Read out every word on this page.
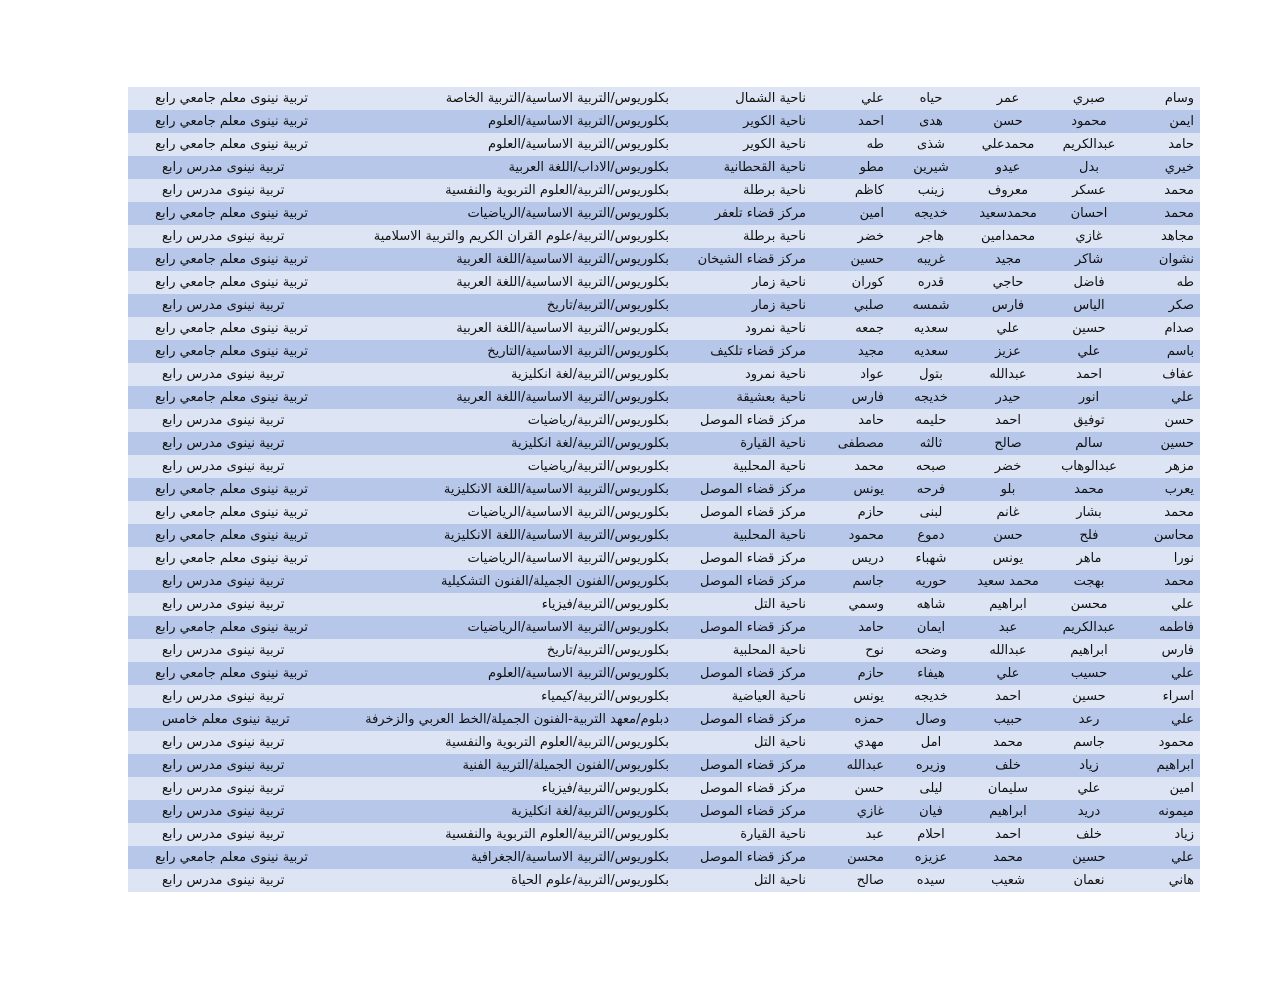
وسام	صبري	عمر	حياه	علي	ناحية الشمال	بكلوريوس/التربية الاساسية/التربية الخاصة	تربية نينوى معلم جامعي رابع
ايمن	محمود	حسن	هدى	احمد	ناحية الكوير	بكلوريوس/التربية الاساسية/العلوم	تربية نينوى معلم جامعي رابع
حامد	عبدالكريم	محمدعلي	شذى	طه	ناحية الكوير	بكلوريوس/التربية الاساسية/العلوم	تربية نينوى معلم جامعي رابع
خيري	بدل	عيدو	شيرين	مطو	ناحية القحطانية	بكلوريوس/الاداب/اللغة العربية	تربية نينوى مدرس رابع
محمد	عسكر	معروف	زينب	كاظم	ناحية برطلة	بكلوريوس/التربية/العلوم التربوية والنفسية	تربية نينوى مدرس رابع
محمد	احسان	محمدسعيد	خديجه	امين	مركز قضاء تلعفر	بكلوريوس/التربية الاساسية/الرياضيات	تربية نينوى معلم جامعي رابع
مجاهد	غازي	محمدامين	هاجر	خضر	ناحية برطلة	بكلوريوس/التربية/علوم القران الكريم والتربية الاسلامية	تربية نينوى مدرس رابع
نشوان	شاكر	مجيد	غريبه	حسين	مركز قضاء الشيخان	بكلوريوس/التربية الاساسية/اللغة العربية	تربية نينوى معلم جامعي رابع
طه	فاضل	حاجي	قدره	كوران	ناحية زمار	بكلوريوس/التربية الاساسية/اللغة العربية	تربية نينوى معلم جامعي رابع
صكر	الياس	فارس	شمسه	صلبي	ناحية زمار	بكلوريوس/التربية/تاريخ	تربية نينوى مدرس رابع
صدام	حسين	علي	سعديه	جمعه	ناحية نمرود	بكلوريوس/التربية الاساسية/اللغة العربية	تربية نينوى معلم جامعي رابع
باسم	علي	عزيز	سعديه	مجيد	مركز قضاء تلكيف	بكلوريوس/التربية الاساسية/التاريخ	تربية نينوى معلم جامعي رابع
عفاف	احمد	عبدالله	بتول	عواد	ناحية نمرود	بكلوريوس/التربية/لغة انكليزية	تربية نينوى مدرس رابع
علي	انور	حيدر	خديجه	فارس	ناحية بعشيقة	بكلوريوس/التربية الاساسية/اللغة العربية	تربية نينوى معلم جامعي رابع
حسن	توفيق	احمد	حليمه	حامد	مركز قضاء الموصل	بكلوريوس/التربية/رياضيات	تربية نينوى مدرس رابع
حسين	سالم	صالح	ثالثه	مصطفى	ناحية القيارة	بكلوريوس/التربية/لغة انكليزية	تربية نينوى مدرس رابع
مزهر	عبدالوهاب	خضر	صبحه	محمد	ناحية المحلبية	بكلوريوس/التربية/رياضيات	تربية نينوى مدرس رابع
يعرب	محمد	بلو	فرحه	يونس	مركز قضاء الموصل	بكلوريوس/التربية الاساسية/اللغة الانكليزية	تربية نينوى معلم جامعي رابع
محمد	بشار	غانم	لبنى	حازم	مركز قضاء الموصل	بكلوريوس/التربية الاساسية/الرياضيات	تربية نينوى معلم جامعي رابع
محاسن	فلح	حسن	دموع	محمود	ناحية المحلبية	بكلوريوس/التربية الاساسية/اللغة الانكليزية	تربية نينوى معلم جامعي رابع
نورا	ماهر	يونس	شهباء	دريس	مركز قضاء الموصل	بكلوريوس/التربية الاساسية/الرياضيات	تربية نينوى معلم جامعي رابع
محمد	بهجت	محمد سعيد	حوريه	جاسم	مركز قضاء الموصل	بكلوريوس/الفنون الجميلة/الفنون التشكيلية	تربية نينوى مدرس رابع
علي	محسن	ابراهيم	شاهه	وسمي	ناحية التل	بكلوريوس/التربية/فيزياء	تربية نينوى مدرس رابع
فاطمه	عبدالكريم	عبد	ايمان	حامد	مركز قضاء الموصل	بكلوريوس/التربية الاساسية/الرياضيات	تربية نينوى معلم جامعي رابع
فارس	ابراهيم	عبدالله	وضحه	نوح	ناحية المحلبية	بكلوريوس/التربية/تاريخ	تربية نينوى مدرس رابع
علي	حسيب	علي	هيفاء	حازم	مركز قضاء الموصل	بكلوريوس/التربية الاساسية/العلوم	تربية نينوى معلم جامعي رابع
اسراء	حسين	احمد	خديجه	يونس	ناحية العياضية	بكلوريوس/التربية/كيمياء	تربية نينوى مدرس رابع
علي	رعد	حبيب	وصال	حمزه	مركز قضاء الموصل	دبلوم/معهد التربية-الفنون الجميلة/الخط العربي والزخرفة	تربية نينوى معلم خامس
محمود	جاسم	محمد	امل	مهدي	ناحية التل	بكلوريوس/التربية/العلوم التربوية والنفسية	تربية نينوى مدرس رابع
ابراهيم	زياد	خلف	وزيره	عبدالله	مركز قضاء الموصل	بكلوريوس/الفنون الجميلة/التربية الفنية	تربية نينوى مدرس رابع
امين	علي	سليمان	ليلى	حسن	مركز قضاء الموصل	بكلوريوس/التربية/فيزياء	تربية نينوى مدرس رابع
ميمونه	دريد	ابراهيم	فيان	غازي	مركز قضاء الموصل	بكلوريوس/التربية/لغة انكليزية	تربية نينوى مدرس رابع
زياد	خلف	احمد	احلام	عبد	ناحية القيارة	بكلوريوس/التربية/العلوم التربوية والنفسية	تربية نينوى مدرس رابع
علي	حسين	محمد	عزيزه	محسن	مركز قضاء الموصل	بكلوريوس/التربية الاساسية/الجغرافية	تربية نينوى معلم جامعي رابع
هاني	نعمان	شعيب	سيده	صالح	ناحية التل	بكلوريوس/التربية/علوم الحياة	تربية نينوى مدرس رابع
